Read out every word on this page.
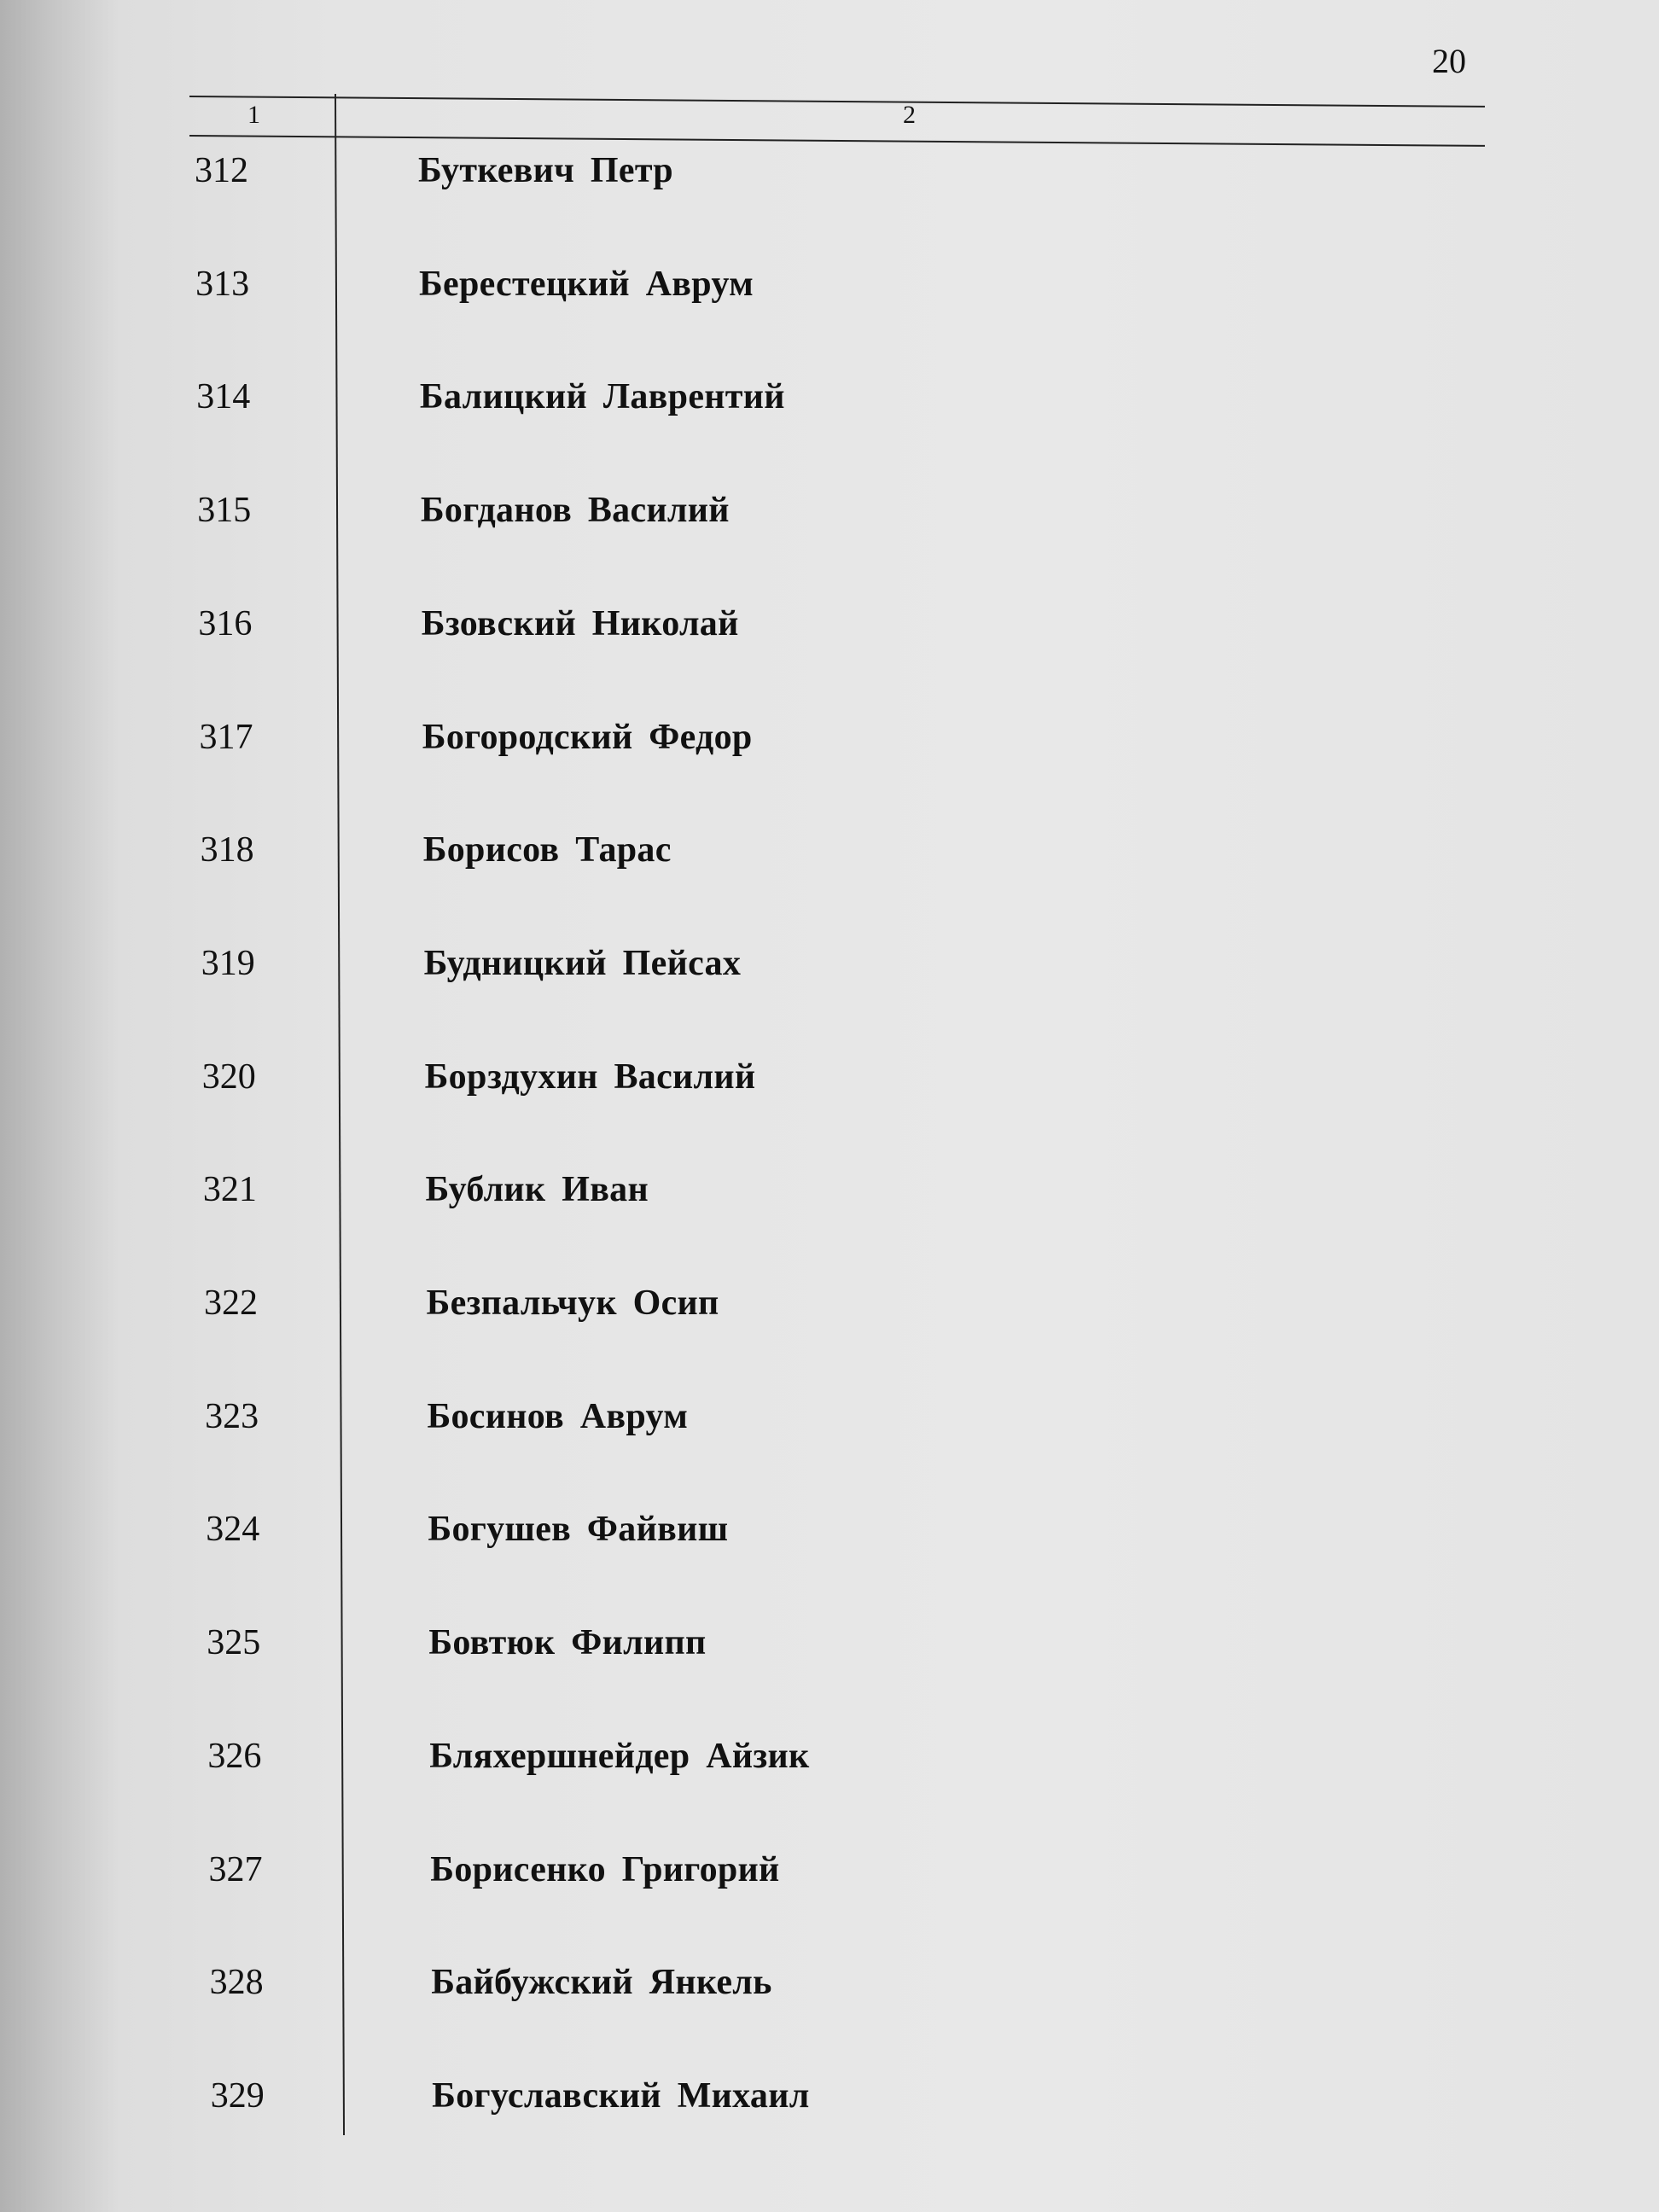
20
1	2
312	Буткевич Петр
313	Берестецкий Аврум
314	Балицкий Лаврентий
315	Богданов Василий
316	Бзовский Николай
317	Богородский Федор
318	Борисов Тарас
319	Будницкий Пейсах
320	Борздухин Василий
321	Бублик Иван
322	Безпальчук Осип
323	Босинов Аврум
324	Богушев Файвиш
325	Бовтюк Филипп
326	Бляхершнейдер Айзик
327	Борисенко Григорий
328	Байбужский Янкель
329	Богуславский Михаил
